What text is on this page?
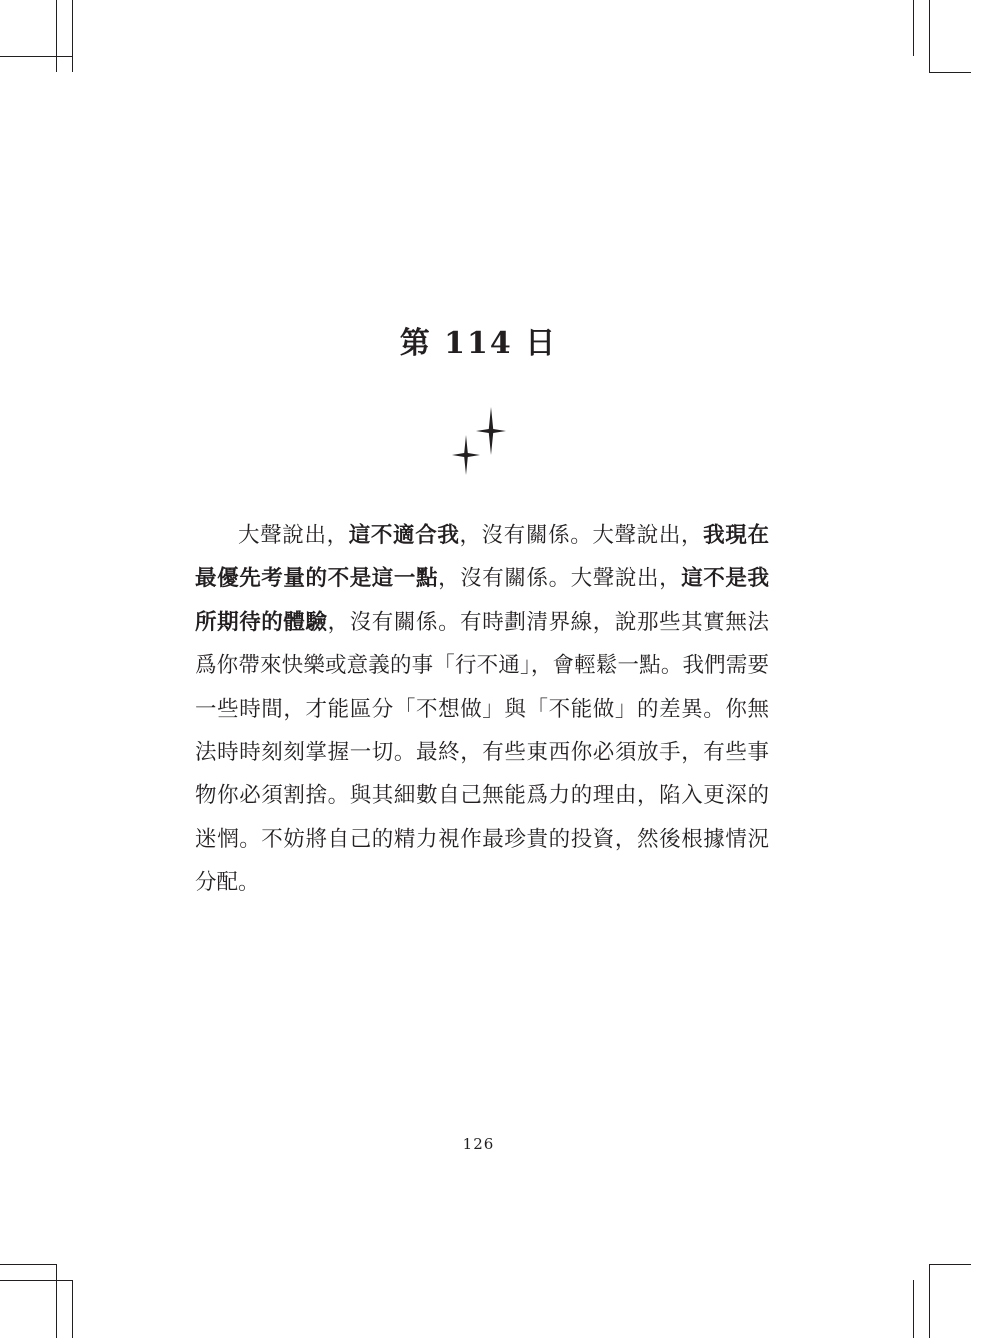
第 114 日

大聲說出，這不適合我，沒有關係。大聲說出，我現在最優先考量的不是這一點，沒有關係。大聲說出，這不是我所期待的體驗，沒有關係。有時劃清界線，說那些其實無法爲你帶來快樂或意義的事「行不通」，會輕鬆一點。我們需要一些時間，才能區分「不想做」與「不能做」的差異。你無法時時刻刻掌握一切。最終，有些東西你必須放手，有些事物你必須割捨。與其細數自己無能爲力的理由，陷入更深的迷惘。不妨將自己的精力視作最珍貴的投資，然後根據情況分配。

126
